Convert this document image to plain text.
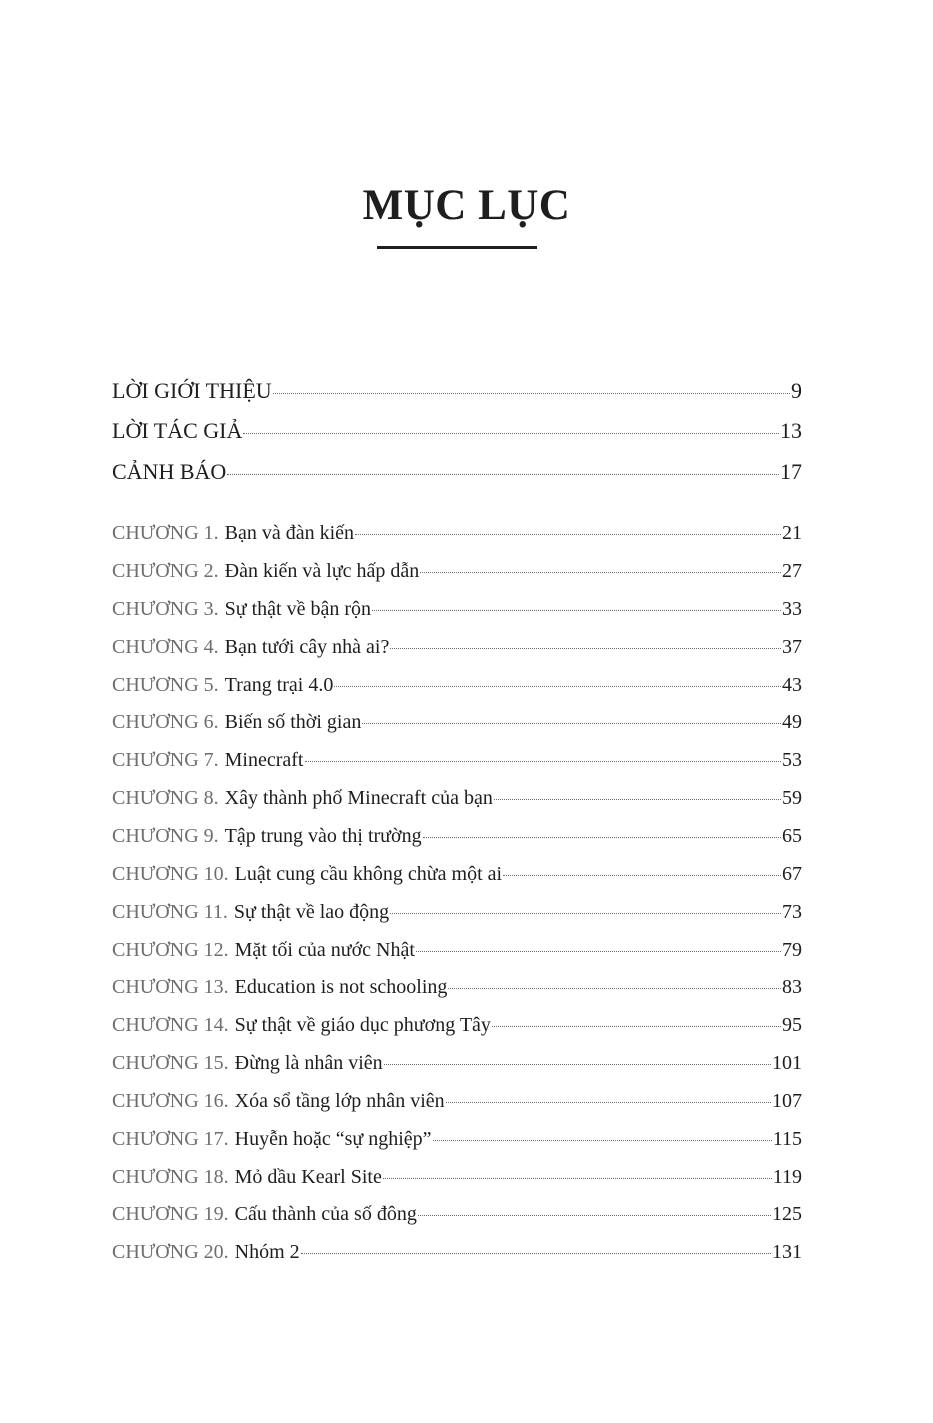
MỤC LỤC
LỜI GIỚI THIỆU	9
LỜI TÁC GIẢ	13
CẢNH BÁO	17
CHƯƠNG 1. Bạn và đàn kiến	21
CHƯƠNG 2. Đàn kiến và lực hấp dẫn	27
CHƯƠNG 3. Sự thật về bận rộn	33
CHƯƠNG 4. Bạn tưới cây nhà ai?	37
CHƯƠNG 5. Trang trại 4.0	43
CHƯƠNG 6. Biến số thời gian	49
CHƯƠNG 7. Minecraft	53
CHƯƠNG 8. Xây thành phố Minecraft của bạn	59
CHƯƠNG 9. Tập trung vào thị trường	65
CHƯƠNG 10. Luật cung cầu không chừa một ai	67
CHƯƠNG 11. Sự thật về lao động	73
CHƯƠNG 12. Mặt tối của nước Nhật	79
CHƯƠNG 13. Education is not schooling	83
CHƯƠNG 14. Sự thật về giáo dục phương Tây	95
CHƯƠNG 15. Đừng là nhân viên	101
CHƯƠNG 16. Xóa sổ tầng lớp nhân viên	107
CHƯƠNG 17. Huyễn hoặc “sự nghiệp”	115
CHƯƠNG 18. Mỏ dầu Kearl Site	119
CHƯƠNG 19. Cấu thành của số đông	125
CHƯƠNG 20. Nhóm 2	131
